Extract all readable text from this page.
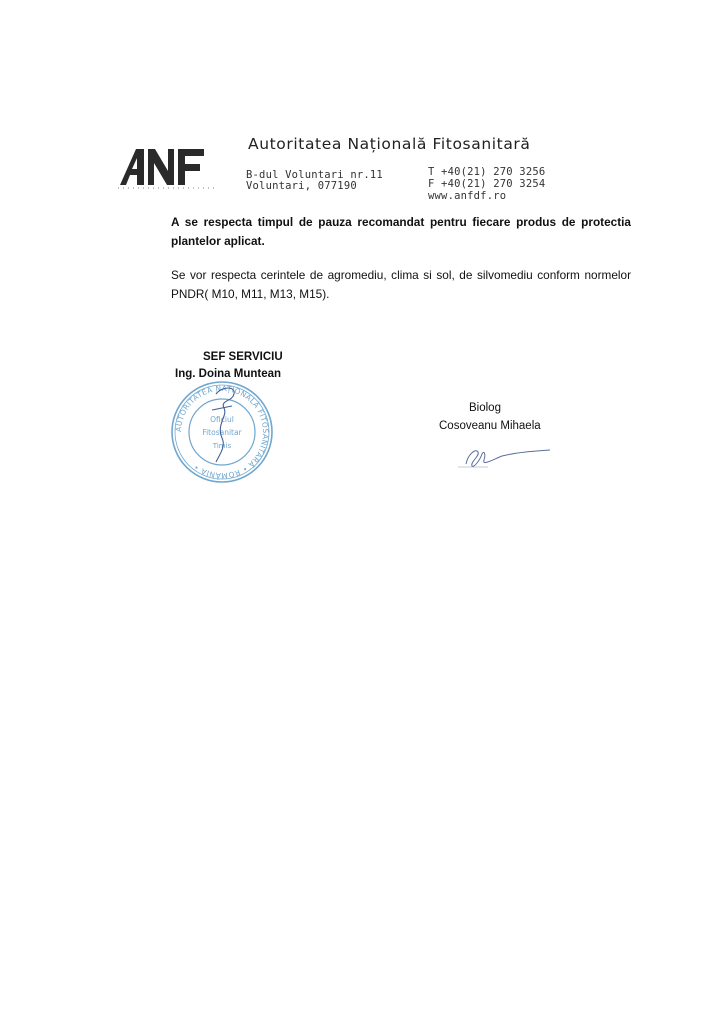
ANF
Autoritatea Națională Fitosanitară
B-dul Voluntari nr.11
Voluntari, 077190
T +40(21) 270 3256
F +40(21) 270 3254
www.anfdf.ro
A se respecta timpul de pauza recomandat pentru fiecare produs de protectia plantelor aplicat.
Se vor respecta cerintele de agromediu, clima si sol, de silvomediu conform normelor PNDR( M10, M11, M13, M15).
SEF SERVICIU
Ing. Doina Muntean
AUTORITATEA NAȚIONALĂ FITOSANITARĂ • ROMÂNIA •
Oficiul
Fitosanitar
Timis
Biolog
Cosoveanu Mihaela
